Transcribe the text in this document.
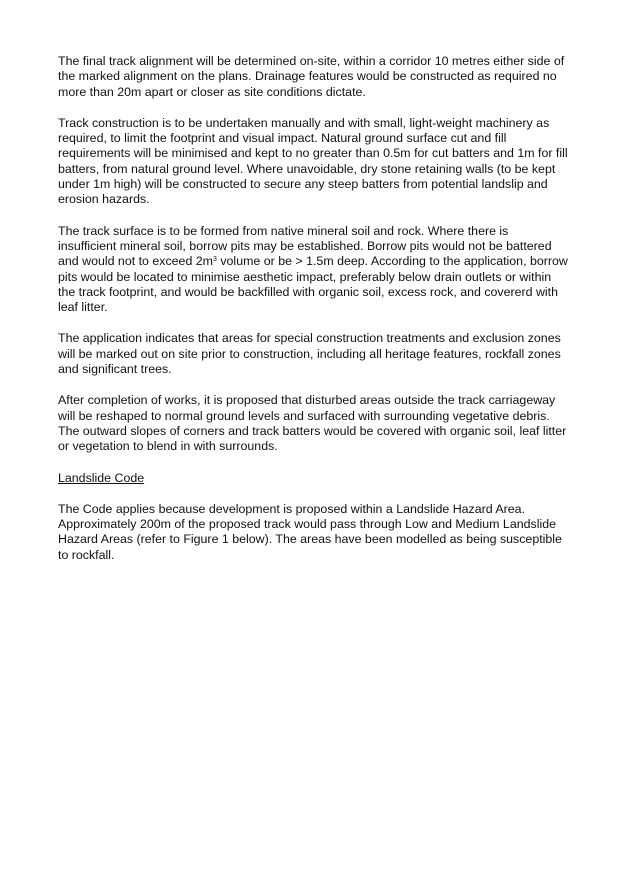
The final track alignment will be determined on-site, within a corridor 10 metres either side of the marked alignment on the plans. Drainage features would be constructed as required no more than 20m apart or closer as site conditions dictate.

Track construction is to be undertaken manually and with small, light-weight machinery as required, to limit the footprint and visual impact. Natural ground surface cut and fill requirements will be minimised and kept to no greater than 0.5m for cut batters and 1m for fill batters, from natural ground level. Where unavoidable, dry stone retaining walls (to be kept under 1m high) will be constructed to secure any steep batters from potential landslip and erosion hazards.

The track surface is to be formed from native mineral soil and rock. Where there is insufficient mineral soil, borrow pits may be established. Borrow pits would not be battered and would not to exceed $2m^3$ volume or be > 1.5m deep. According to the application, borrow pits would be located to minimise aesthetic impact, preferably below drain outlets or within the track footprint, and would be backfilled with organic soil, excess rock, and covererd with leaf litter.

The application indicates that areas for special construction treatments and exclusion zones will be marked out on site prior to construction, including all heritage features, rockfall zones and significant trees.

After completion of works, it is proposed that disturbed areas outside the track carriageway will be reshaped to normal ground levels and surfaced with surrounding vegetative debris. The outward slopes of corners and track batters would be covered with organic soil, leaf litter or vegetation to blend in with surrounds.

Landslide Code

The Code applies because development is proposed within a Landslide Hazard Area. Approximately 200m of the proposed track would pass through Low and Medium Landslide Hazard Areas (refer to Figure 1 below). The areas have been modelled as being susceptible to rockfall.
